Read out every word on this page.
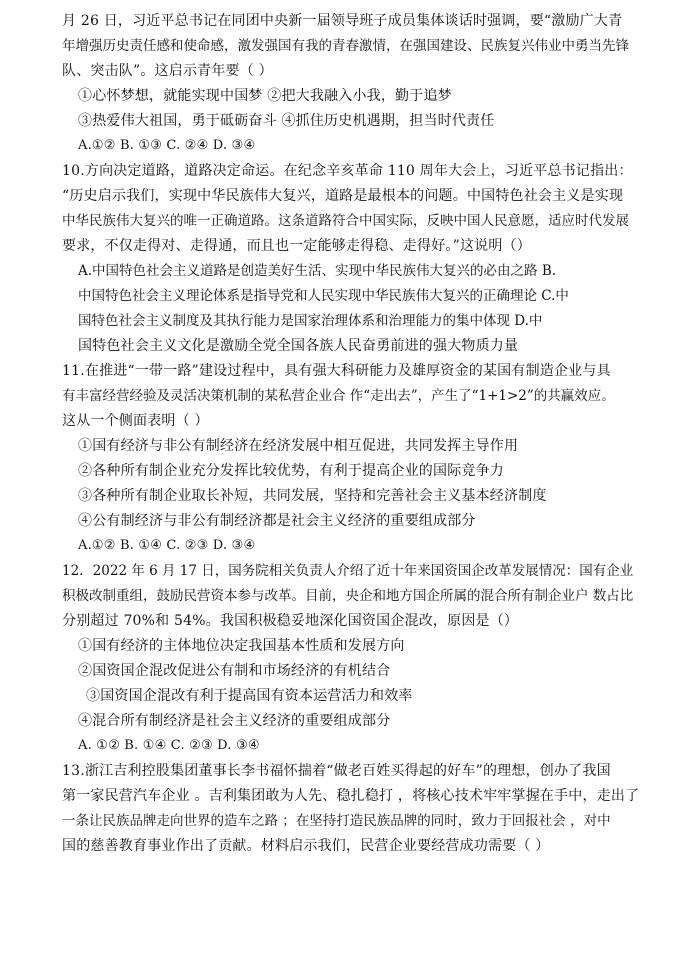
月 26 日，习近平总书记在同团中央新一届领导班子成员集体谈话时强调，要“激励广大青
年增强历史责任感和使命感，激发强国有我的青春激情，在强国建设、民族复兴伟业中勇当先锋
队、突击队”。这启示青年要（ ）
①心怀梦想，就能实现中国梦 ②把大我融入小我，勤于追梦
③热爱伟大祖国，勇于砥砺奋斗 ④抓住历史机遇期，担当时代责任
A.①② B. ①③ C. ②④ D. ③④
10.方向决定道路，道路决定命运。在纪念辛亥革命 110 周年大会上，习近平总书记指出：
“历史启示我们，实现中华民族伟大复兴，道路是最根本的问题。中国特色社会主义是实现
中华民族伟大复兴的唯一正确道路。这条道路符合中国实际，反映中国人民意愿，适应时代发展
要求，不仅走得对、走得通，而且也一定能够走得稳、走得好。”这说明（）
A.中国特色社会主义道路是创造美好生活、实现中华民族伟大复兴的必由之路 B.
中国特色社会主义理论体系是指导党和人民实现中华民族伟大复兴的正确理论 C.中
国特色社会主义制度及其执行能力是国家治理体系和治理能力的集中体现 D.中
国特色社会主义文化是激励全党全国各族人民奋勇前进的强大物质力量
11.在推进“一带一路”建设过程中，具有强大科研能力及雄厚资金的某国有制造企业与具
有丰富经营经验及灵活决策机制的某私营企业合 作“走出去”，产生了“1+1>2”的共赢效应。
这从一个侧面表明（ ）
①国有经济与非公有制经济在经济发展中相互促进，共同发挥主导作用
②各种所有制企业充分发挥比较优势，有利于提高企业的国际竞争力
③各种所有制企业取长补短，共同发展，坚持和完善社会主义基本经济制度
④公有制经济与非公有制经济都是社会主义经济的重要组成部分
A.①② B. ①④ C. ②③ D. ③④
12．2022 年 6 月 17 日，国务院相关负责人介绍了近十年来国资国企改革发展情况：国有企业
积极改制重组，鼓励民营资本参与改革。目前，央企和地方国企所属的混合所有制企业户 数占比
分别超过 70%和 54%。我国积极稳妥地深化国资国企混改，原因是（）
①国有经济的主体地位决定我国基本性质和发展方向
②国资国企混改促进公有制和市场经济的有机结合
③国资国企混改有利于提高国有资本运营活力和效率
④混合所有制经济是社会主义经济的重要组成部分
A. ①② B. ①④ C. ②③ D. ③④
13.浙江吉利控股集团董事长李书福怀揣着“做老百姓买得起的好车”的理想，创办了我国
第一家民营汽车企业 。吉利集团敢为人先、稳扎稳打 ，将核心技术牢牢掌握在手中，走出了
一条让民族品牌走向世界的造车之路 ；在坚持打造民族品牌的同时，致力于回报社会 ，对中
国的慈善教育事业作出了贡献。材料启示我们，民营企业要经营成功需要（ ）
